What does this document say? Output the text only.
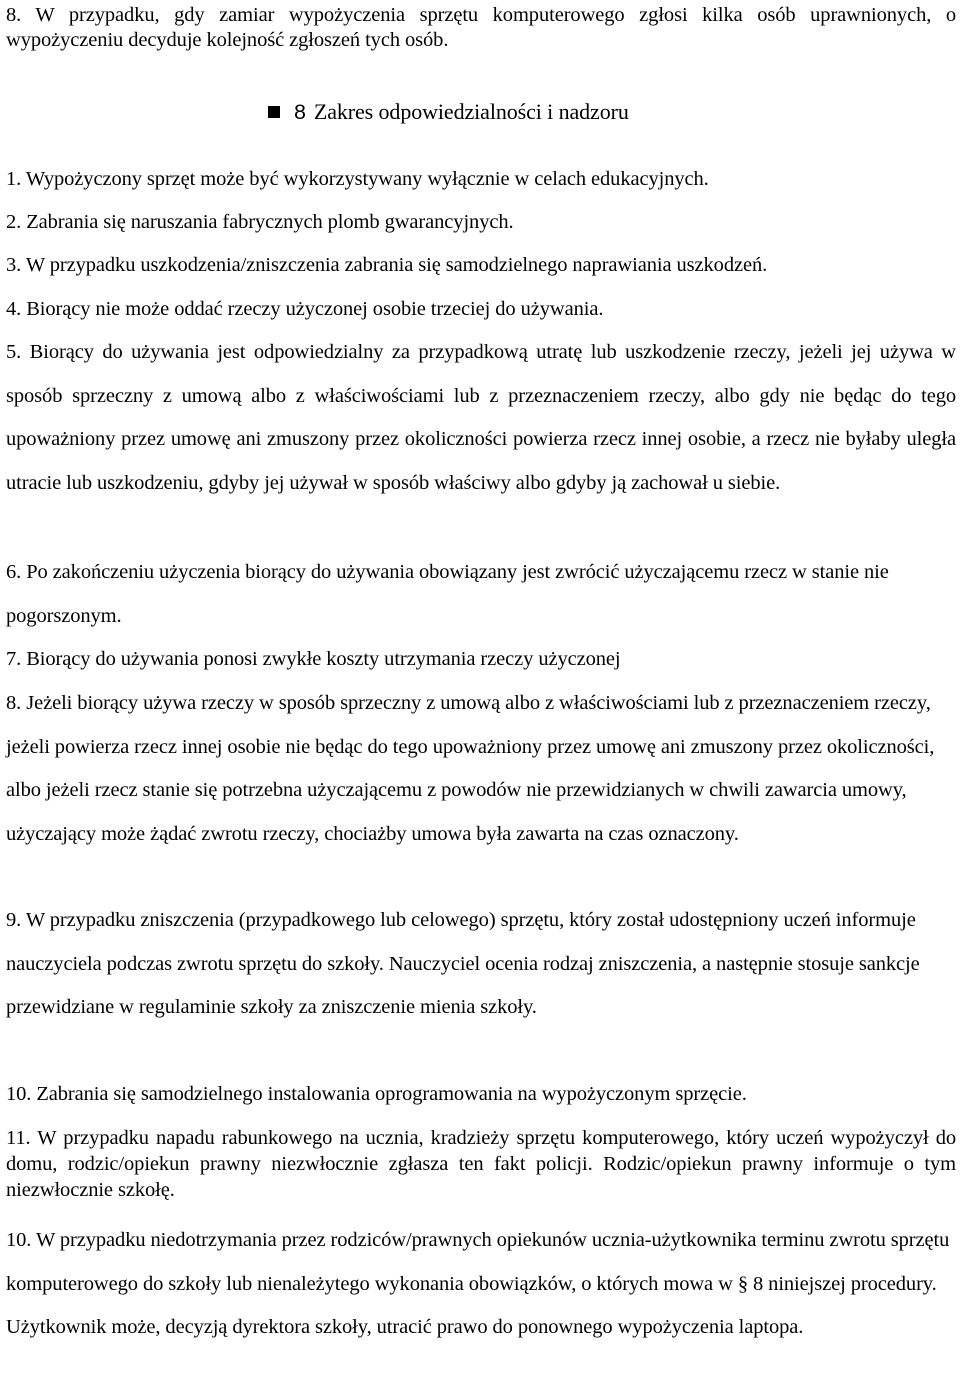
8. W przypadku, gdy zamiar wypożyczenia sprzętu komputerowego zgłosi kilka osób uprawnionych, o wypożyczeniu decyduje kolejność zgłoszeń tych osób.

8 Zakres odpowiedzialności i nadzoru

1. Wypożyczony sprzęt może być wykorzystywany wyłącznie w celach edukacyjnych.

2. Zabrania się naruszania fabrycznych plomb gwarancyjnych.

3. W przypadku uszkodzenia/zniszczenia zabrania się samodzielnego naprawiania uszkodzeń.

4. Biorący nie może oddać rzeczy użyczonej osobie trzeciej do używania.

5. Biorący do używania jest odpowiedzialny za przypadkową utratę lub uszkodzenie rzeczy, jeżeli jej używa w sposób sprzeczny z umową albo z właściwościami lub z przeznaczeniem rzeczy, albo gdy nie będąc do tego upoważniony przez umowę ani zmuszony przez okoliczności powierza rzecz innej osobie, a rzecz nie byłaby uległa utracie lub uszkodzeniu, gdyby jej używał w sposób właściwy albo gdyby ją zachował u siebie.

6. Po zakończeniu użyczenia biorący do używania obowiązany jest zwrócić użyczającemu rzecz w stanie nie pogorszonym.

7. Biorący do używania ponosi zwykłe koszty utrzymania rzeczy użyczonej

8. Jeżeli biorący używa rzeczy w sposób sprzeczny z umową albo z właściwościami lub z przeznaczeniem rzeczy, jeżeli powierza rzecz innej osobie nie będąc do tego upoważniony przez umowę ani zmuszony przez okoliczności, albo jeżeli rzecz stanie się potrzebna użyczającemu z powodów nie przewidzianych w chwili zawarcia umowy, użyczający może żądać zwrotu rzeczy, chociażby umowa była zawarta na czas oznaczony.

9. W przypadku zniszczenia (przypadkowego lub celowego) sprzętu, który został udostępniony uczeń informuje nauczyciela podczas zwrotu sprzętu do szkoły. Nauczyciel ocenia rodzaj zniszczenia, a następnie stosuje sankcje przewidziane w regulaminie szkoły za zniszczenie mienia szkoły.

10. Zabrania się samodzielnego instalowania oprogramowania na wypożyczonym sprzęcie.

11. W przypadku napadu rabunkowego na ucznia, kradzieży sprzętu komputerowego, który uczeń wypożyczył do domu, rodzic/opiekun prawny niezwłocznie zgłasza ten fakt policji. Rodzic/opiekun prawny informuje o tym niezwłocznie szkołę.

10. W przypadku niedotrzymania przez rodziców/prawnych opiekunów ucznia-użytkownika terminu zwrotu sprzętu komputerowego do szkoły lub nienależytego wykonania obowiązków, o których mowa w § 8 niniejszej procedury. Użytkownik może, decyzją dyrektora szkoły, utracić prawo do ponownego wypożyczenia laptopa.
